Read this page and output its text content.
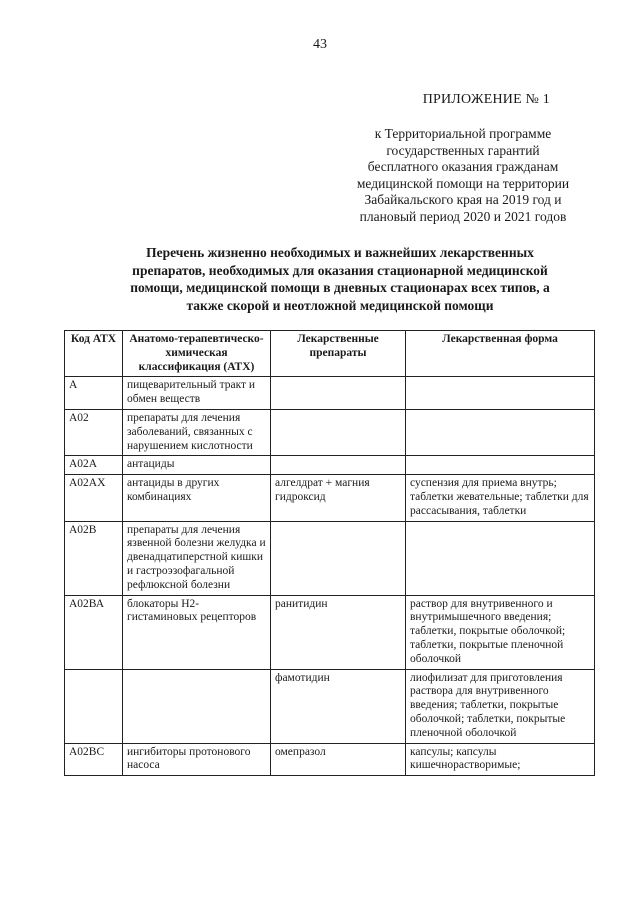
43
ПРИЛОЖЕНИЕ № 1
к Территориальной программе
государственных гарантий
бесплатного оказания гражданам
медицинской помощи на территории
Забайкальского края на 2019 год и
плановый период 2020 и 2021 годов
Перечень жизненно необходимых и важнейших лекарственных
препаратов, необходимых для оказания стационарной медицинской
помощи, медицинской помощи в дневных стационарах всех типов, а
также скорой и неотложной медицинской помощи
Код АТХ	Анатомо-терапевтическо-химическая классификация (АТХ)	Лекарственные препараты	Лекарственная форма
А	пищеварительный тракт и обмен веществ		
А02	препараты для лечения заболеваний, связанных с нарушением кислотности		
А02А	антациды		
А02АХ	антациды в других комбинациях	алгелдрат + магния гидроксид	суспензия для приема внутрь; таблетки жевательные; таблетки для рассасывания, таблетки
А02В	препараты для лечения язвенной болезни желудка и двенадцатиперстной кишки и гастроэзофагальной рефлюксной болезни		
А02ВА	блокаторы Н2-гистаминовых рецепторов	ранитидин	раствор для внутривенного и внутримышечного введения; таблетки, покрытые оболочкой; таблетки, покрытые пленочной оболочкой
		фамотидин	лиофилизат для приготовления раствора для внутривенного введения; таблетки, покрытые оболочкой; таблетки, покрытые пленочной оболочкой
А02ВС	ингибиторы протонового насоса	омепразол	капсулы; капсулы кишечнорастворимые;
